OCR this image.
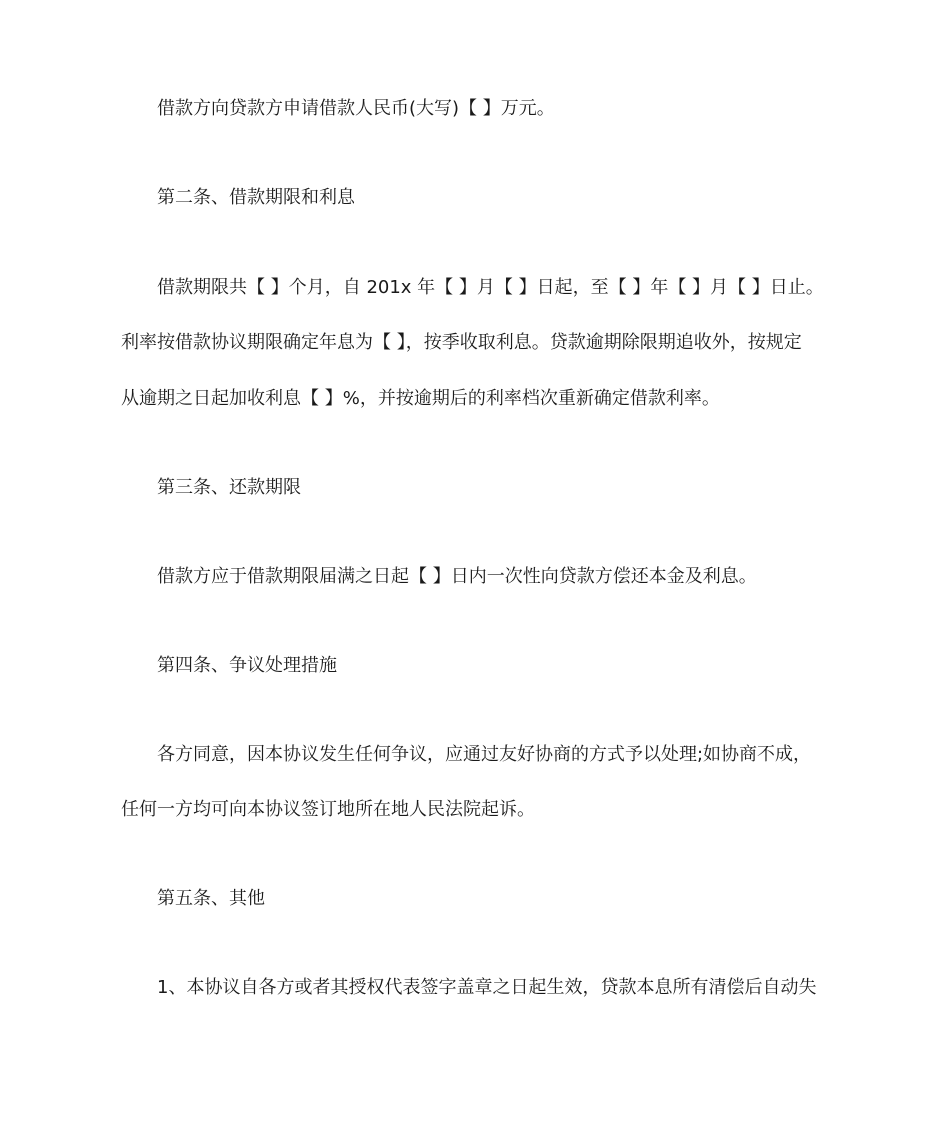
借款方向贷款方申请借款人民币(大写)【 】万元。
第二条、借款期限和利息
借款期限共【 】个月，自 201x 年【 】月【 】日起，至【 】年【 】月【 】日止。
利率按借款协议期限确定年息为【 】，按季收取利息。贷款逾期除限期追收外，按规定
从逾期之日起加收利息【 】%，并按逾期后的利率档次重新确定借款利率。
第三条、还款期限
借款方应于借款期限届满之日起【 】日内一次性向贷款方偿还本金及利息。
第四条、争议处理措施
各方同意，因本协议发生任何争议，应通过友好协商的方式予以处理;如协商不成，
任何一方均可向本协议签订地所在地人民法院起诉。
第五条、其他
1、本协议自各方或者其授权代表签字盖章之日起生效，贷款本息所有清偿后自动失
